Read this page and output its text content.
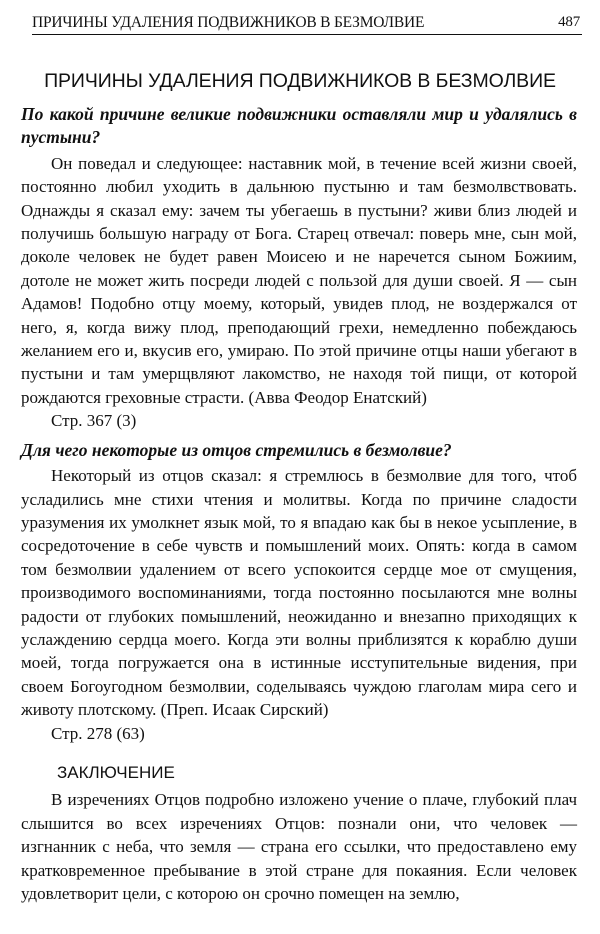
ПРИЧИНЫ УДАЛЕНИЯ ПОДВИЖНИКОВ В БЕЗМОЛВИЕ	487
ПРИЧИНЫ УДАЛЕНИЯ ПОДВИЖНИКОВ В БЕЗМОЛВИЕ

По какой причине великие подвижники оставляли мир и удалялись в пустыни?

Он поведал и следующее: наставник мой, в течение всей жизни своей, постоянно любил уходить в дальнюю пустыню и там безмолвствовать. Однажды я сказал ему: зачем ты убегаешь в пустыни? живи близ людей и получишь большую награду от Бога. Старец отвечал: поверь мне, сын мой, доколе человек не будет равен Моисею и не наречется сыном Божиим, дотоле не может жить посреди людей с пользой для души своей. Я — сын Адамов! Подобно отцу моему, который, увидев плод, не воздержался от него, я, когда вижу плод, преподающий грехи, немедленно побеждаюсь желанием его и, вкусив его, умираю. По этой причине отцы наши убегают в пустыни и там умерщвляют лакомство, не находя той пищи, от которой рождаются греховные страсти. (Авва Феодор Енатский)

Стр. 367 (3)

Для чего некоторые из отцов стремились в безмолвие?

Некоторый из отцов сказал: я стремлюсь в безмолвие для того, чтоб усладились мне стихи чтения и молитвы. Когда по причине сладости уразумения их умолкнет язык мой, то я впадаю как бы в некое усыпление, в сосредоточение в себе чувств и помышлений моих. Опять: когда в самом том безмолвии удалением от всего успокоится сердце мое от смущения, производимого воспоминаниями, тогда постоянно посылаются мне волны радости от глубоких помышлений, неожиданно и внезапно приходящих к услаждению сердца моего. Когда эти волны приблизятся к кораблю души моей, тогда погружается она в истинные исступительные видения, при своем Богоугодном безмолвии, соделываясь чуждою глаголам мира сего и животу плотскому. (Преп. Исаак Сирский)

Стр. 278 (63)

ЗАКЛЮЧЕНИЕ

В изречениях Отцов подробно изложено учение о плаче, глубокий плач слышится во всех изречениях Отцов: познали они, что человек — изгнанник с неба, что земля — страна его ссылки, что предоставлено ему кратковременное пребывание в этой стране для покаяния. Если человек удовлетворит цели, с которою он срочно помещен на землю,
